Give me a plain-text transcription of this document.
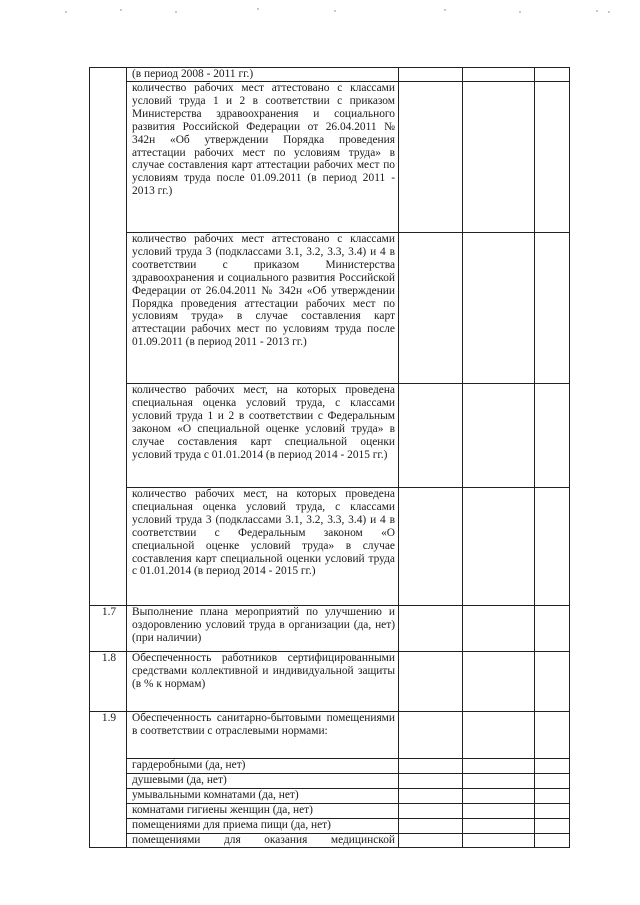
	(в период 2008 - 2011 гг.)			
	количество рабочих мест аттестовано с классами условий труда 1 и 2 в соответствии с приказом Министерства здравоохранения и социального развития Российской Федерации от 26.04.2011 № 342н «Об утверждении Порядка проведения аттестации рабочих мест по условиям труда» в случае составления карт аттестации рабочих мест по условиям труда после 01.09.2011 (в период 2011 - 2013 гг.)			
	количество рабочих мест аттестовано с классами условий труда 3 (подклассами 3.1, 3.2, 3.3, 3.4) и 4 в соответствии с приказом Министерства здравоохранения и социального развития Российской Федерации от 26.04.2011 № 342н «Об утверждении Порядка проведения аттестации рабочих мест по условиям труда» в случае составления карт аттестации рабочих мест по условиям труда после 01.09.2011 (в период 2011 - 2013 гг.)			
	количество рабочих мест, на которых проведена специальная оценка условий труда, с классами условий труда 1 и 2 в соответствии с Федеральным законом «О специальной оценке условий труда» в случае составления карт специальной оценки условий труда с 01.01.2014 (в период 2014 - 2015 гг.)			
	количество рабочих мест, на которых проведена специальная оценка условий труда, с классами условий труда 3 (подклассами 3.1, 3.2, 3.3, 3.4) и 4 в соответствии с Федеральным законом «О специальной оценке условий труда» в случае составления карт специальной оценки условий труда с 01.01.2014 (в период 2014 - 2015 гг.)			
1.7	Выполнение плана мероприятий по улучшению и оздоровлению условий труда в организации (да, нет) (при наличии)			
1.8	Обеспеченность работников сертифицированными средствами коллективной и индивидуальной защиты (в % к нормам)			
1.9	Обеспеченность санитарно-бытовыми помещениями в соответствии с отраслевыми нормами:			
	гардеробными (да, нет)			
	душевыми (да, нет)			
	умывальными комнатами (да, нет)			
	комнатами гигиены женщин (да, нет)			
	помещениями для приема пищи (да, нет)			
	помещениями для оказания медицинской			
